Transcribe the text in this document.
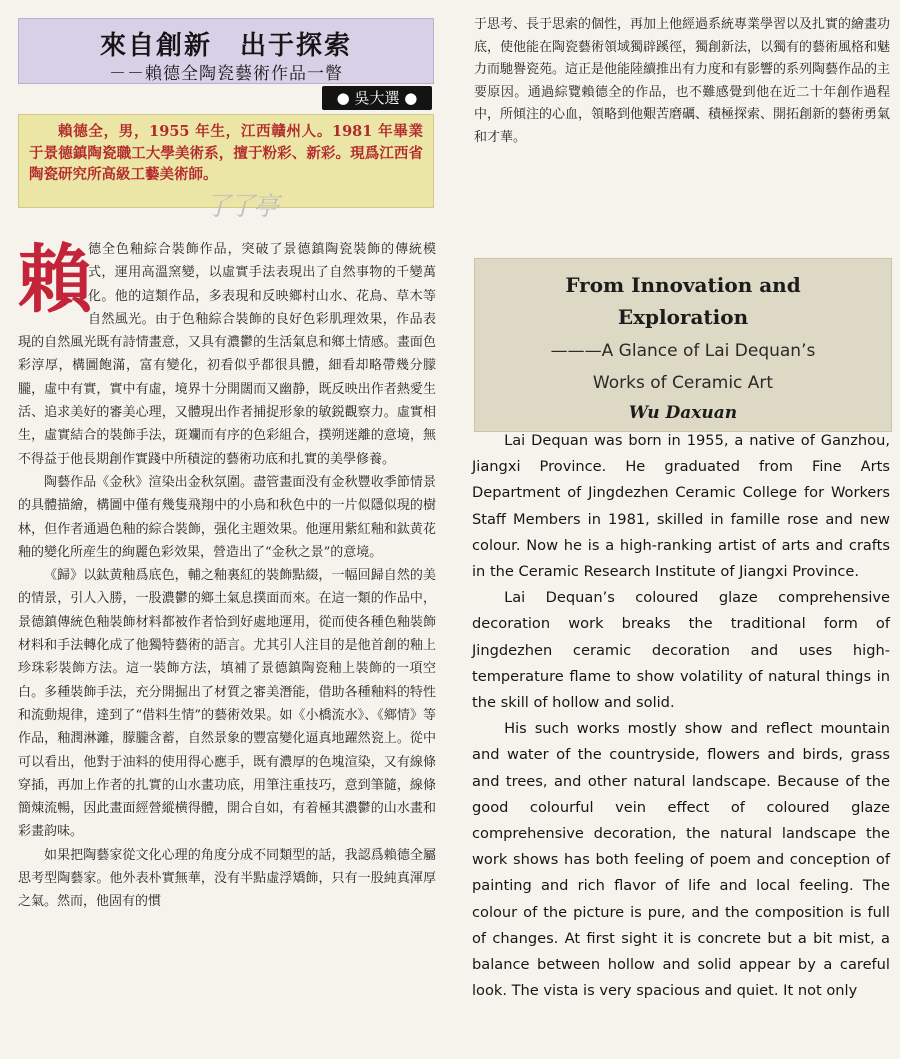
來自創新　出于探索
－－賴德全陶瓷藝術作品一瞥
● 吳大選 ●
賴德全，男，1955 年生，江西贛州人。1981 年畢業于景德鎮陶瓷職工大學美術系，擅于粉彩、新彩。現爲江西省陶瓷研究所高級工藝美術師。
了了亭
賴

德全色釉綜合裝飾作品，突破了景德鎮陶瓷裝飾的傳統模式，運用高溫窯變，以虛實手法表現出了自然事物的千變萬化。他的這類作品，多表現和反映鄉村山水、花鳥、草木等自然風光。由于色釉綜合裝飾的良好色彩肌理效果，作品表現的自然風光既有詩情畫意，又具有濃鬱的生活氣息和鄉土情感。畫面色彩淳厚，構圖飽滿，富有變化，初看似乎都很具體，細看却略帶幾分朦朧，虛中有實，實中有虛，境界十分開闊而又幽静，既反映出作者熱愛生活、追求美好的審美心理，又體現出作者捕捉形象的敏鋭觀察力。虛實相生，虛實結合的裝飾手法，斑斕而有序的色彩組合，撲朔迷離的意境，無不得益于他長期創作實踐中所積淀的藝術功底和扎實的美學修養。

陶藝作品《金秋》渲染出金秋氛圍。盡管畫面没有金秋豐收季節情景的具體描繪，構圖中僅有幾隻飛翔中的小鳥和秋色中的一片似隱似現的樹林，但作者通過色釉的綜合裝飾，强化主題效果。他運用紫紅釉和鈦黄花釉的變化所産生的絢麗色彩效果，營造出了“金秋之景”的意境。

《歸》以鈦黄釉爲底色，輔之釉裏紅的裝飾點綴，一幅回歸自然的美的情景，引人入勝，一股濃鬱的鄉土氣息撲面而來。在這一類的作品中，景德鎮傳統色釉裝飾材料都被作者恰到好處地運用，從而使各種色釉裝飾材料和手法轉化成了他獨特藝術的語言。尤其引人注目的是他首創的釉上珍珠彩裝飾方法。這一裝飾方法，填補了景德鎮陶瓷釉上裝飾的一項空白。多種裝飾手法，充分開掘出了材質之審美潛能，借助各種釉料的特性和流動規律，達到了“借料生情”的藝術效果。如《小橋流水》、《鄉情》等作品，釉潤淋灕，朦朧含蓄，自然景象的豐富變化逼真地躍然瓷上。從中可以看出，他對于油料的使用得心應手，既有濃厚的色塊渲染，又有線條穿插，再加上作者的扎實的山水畫功底，用筆注重技巧，意到筆隨，線條簡煉流暢，因此畫面經營縱横得體，開合自如，有着極其濃鬱的山水畫和彩畫韵味。

如果把陶藝家從文化心理的角度分成不同類型的話，我認爲賴德全屬思考型陶藝家。他外表朴實無華，没有半點虛浮矯飾，只有一股純真渾厚之氣。然而，他固有的慣

于思考、長于思索的個性，再加上他經過系統專業學習以及扎實的繪畫功底，使他能在陶瓷藝術領域獨辟蹊徑，獨創新法，以獨有的藝術風格和魅力而馳譽瓷苑。這正是他能陸續推出有力度和有影響的系列陶藝作品的主要原因。通過綜覽賴德全的作品，也不難感覺到他在近二十年創作過程中，所傾注的心血，領略到他艱苦磨礪、積極探索、開拓創新的藝術勇氣和才華。
From Innovation and
Exploration
———A Glance of Lai Dequan’s
Works of Ceramic Art
Wu Daxuan

Lai Dequan was born in 1955, a native of Ganzhou, Jiangxi Province. He graduated from Fine Arts Department of Jingdezhen Ceramic College for Workers Staff Members in 1981, skilled in famille rose and new colour. Now he is a high-ranking artist of arts and crafts in the Ceramic Research Institute of Jiangxi Province.

Lai Dequan’s coloured glaze comprehensive decoration work breaks the traditional form of Jingdezhen ceramic decoration and uses high-temperature flame to show volatility of natural things in the skill of hollow and solid.

His such works mostly show and reflect mountain and water of the countryside, flowers and birds, grass and trees, and other natural landscape. Because of the good colourful vein effect of coloured glaze comprehensive decoration, the natural landscape the work shows has both feeling of poem and conception of painting and rich flavor of life and local feeling. The colour of the picture is pure, and the composition is full of changes. At first sight it is concrete but a bit mist, a balance between hollow and solid appear by a careful look. The vista is very spacious and quiet. It not only
